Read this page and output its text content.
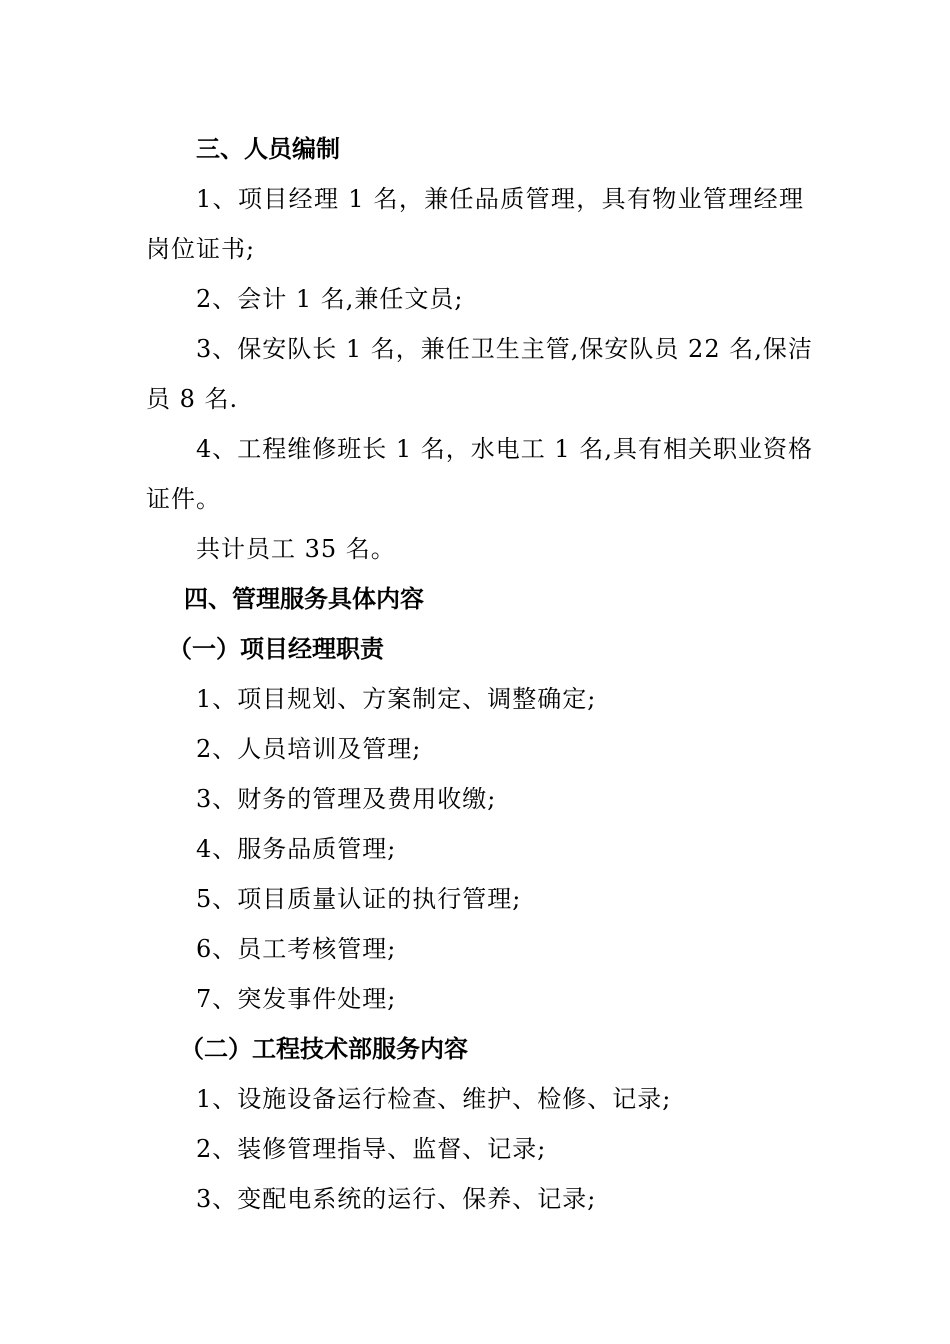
三、人员编制
1、项目经理 1 名，兼任品质管理，具有物业管理经理
岗位证书;
2、会计 1 名,兼任文员;
3、保安队长 1 名，兼任卫生主管,保安队员 22 名,保洁
员 8 名.
4、工程维修班长 1 名，水电工 1 名,具有相关职业资格
证件。
共计员工 35 名。
四、管理服务具体内容
（一）项目经理职责
1、项目规划、方案制定、调整确定;
2、人员培训及管理;
3、财务的管理及费用收缴;
4、服务品质管理;
5、项目质量认证的执行管理;
6、员工考核管理;
7、突发事件处理;
（二）工程技术部服务内容
1、设施设备运行检查、维护、检修、记录;
2、装修管理指导、监督、记录;
3、变配电系统的运行、保养、记录;
